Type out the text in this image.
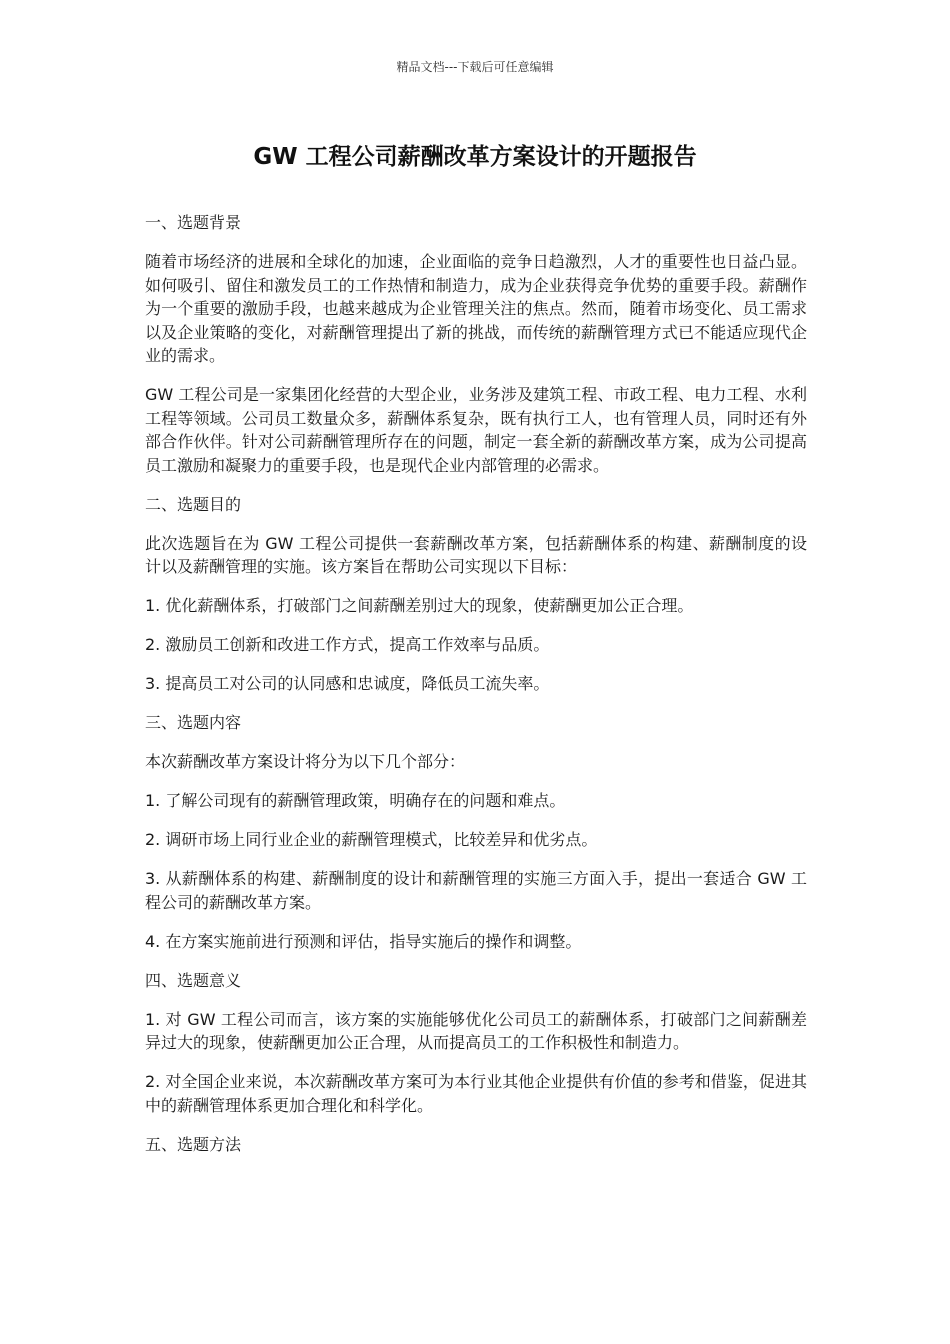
精品文档---下载后可任意编辑
GW 工程公司薪酬改革方案设计的开题报告

一、选题背景

随着市场经济的进展和全球化的加速，企业面临的竞争日趋激烈，人才的重要性也日益凸显。如何吸引、留住和激发员工的工作热情和制造力，成为企业获得竞争优势的重要手段。薪酬作为一个重要的激励手段，也越来越成为企业管理关注的焦点。然而，随着市场变化、员工需求以及企业策略的变化，对薪酬管理提出了新的挑战，而传统的薪酬管理方式已不能适应现代企业的需求。

GW 工程公司是一家集团化经营的大型企业，业务涉及建筑工程、市政工程、电力工程、水利工程等领域。公司员工数量众多，薪酬体系复杂，既有执行工人，也有管理人员，同时还有外部合作伙伴。针对公司薪酬管理所存在的问题，制定一套全新的薪酬改革方案，成为公司提高员工激励和凝聚力的重要手段，也是现代企业内部管理的必需求。

二、选题目的

此次选题旨在为 GW 工程公司提供一套薪酬改革方案，包括薪酬体系的构建、薪酬制度的设计以及薪酬管理的实施。该方案旨在帮助公司实现以下目标：

1. 优化薪酬体系，打破部门之间薪酬差别过大的现象，使薪酬更加公正合理。

2. 激励员工创新和改进工作方式，提高工作效率与品质。

3. 提高员工对公司的认同感和忠诚度，降低员工流失率。

三、选题内容

本次薪酬改革方案设计将分为以下几个部分：

1. 了解公司现有的薪酬管理政策，明确存在的问题和难点。

2. 调研市场上同行业企业的薪酬管理模式，比较差异和优劣点。

3. 从薪酬体系的构建、薪酬制度的设计和薪酬管理的实施三方面入手，提出一套适合 GW 工程公司的薪酬改革方案。

4. 在方案实施前进行预测和评估，指导实施后的操作和调整。

四、选题意义

1. 对 GW 工程公司而言，该方案的实施能够优化公司员工的薪酬体系，打破部门之间薪酬差异过大的现象，使薪酬更加公正合理，从而提高员工的工作积极性和制造力。

2. 对全国企业来说，本次薪酬改革方案可为本行业其他企业提供有价值的参考和借鉴，促进其中的薪酬管理体系更加合理化和科学化。

五、选题方法
